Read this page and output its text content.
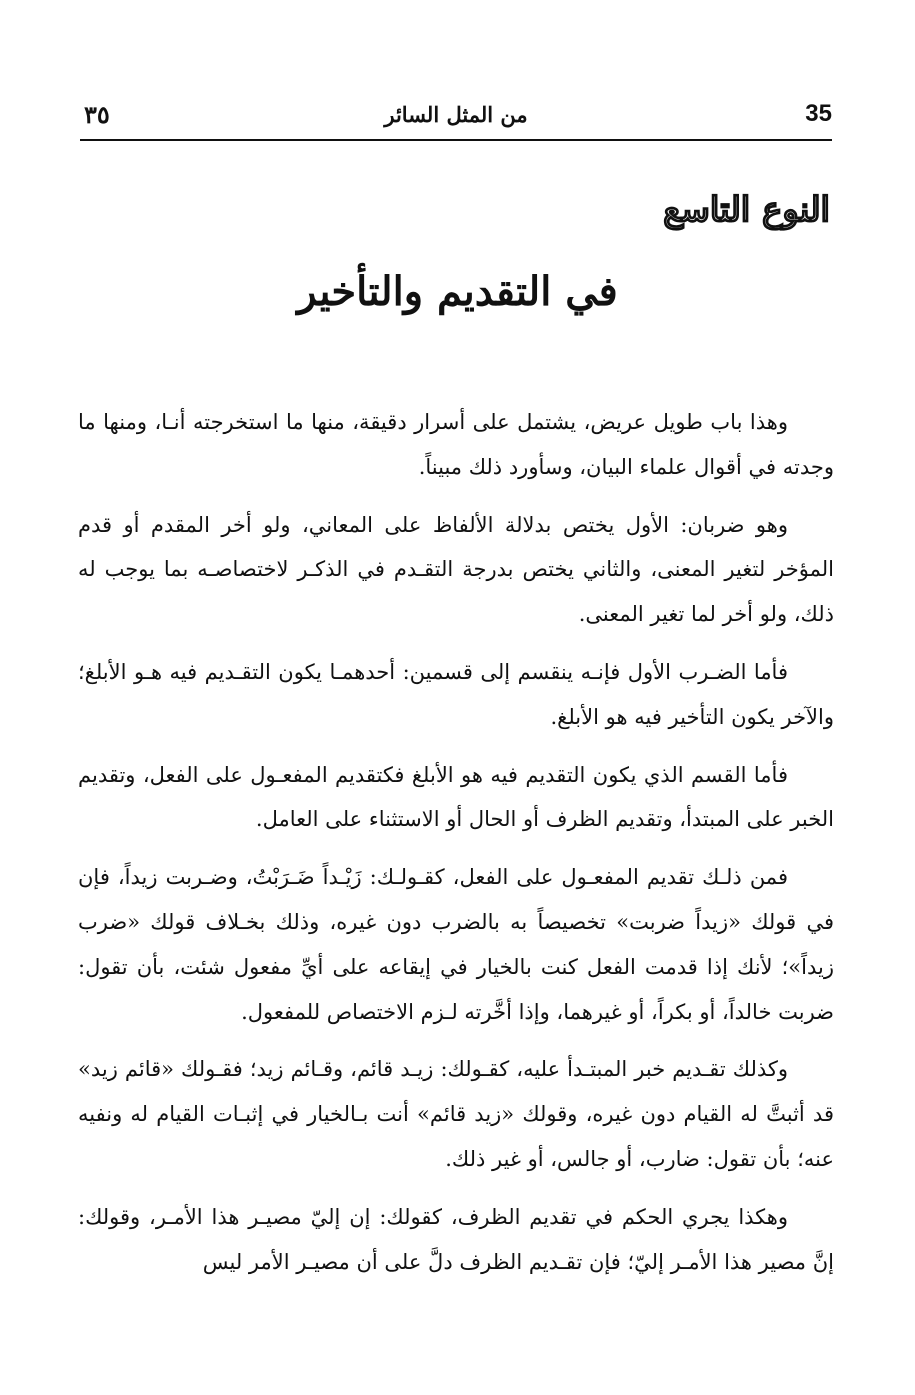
35
من المثل السائر
٣٥
النوع التاسع
في التقديم والتأخير

وهذا باب طويل عريض، يشتمل على أسرار دقيقة، منها ما استخرجته أنـا، ومنها ما وجدته في أقوال علماء البيان، وسأورد ذلك مبيناً.

وهو ضربان: الأول يختص بدلالة الألفاظ على المعاني، ولو أخر المقدم أو قدم المؤخر لتغير المعنى، والثاني يختص بدرجة التقـدم في الذكـر لاختصاصـه بما يوجب له ذلك، ولو أخر لما تغير المعنى.

فأما الضـرب الأول فإنـه ينقسم إلى قسمين: أحدهمـا يكون التقـديم فيه هـو الأبلغ؛ والآخر يكون التأخير فيه هو الأبلغ.

فأما القسم الذي يكون التقديم فيه هو الأبلغ فكتقديم المفعـول على الفعل، وتقديم الخبر على المبتدأ، وتقديم الظرف أو الحال أو الاستثناء على العامل.

فمن ذلـك تقديم المفعـول على الفعل، كقـولـك: زَيْـداً ضَـرَبْتُ، وضـربت زيداً، فإن في قولك «زيداً ضربت» تخصيصاً به بالضرب دون غيره، وذلك بخـلاف قولك «ضرب زيداً»؛ لأنك إذا قدمت الفعل كنت بالخيار في إيقاعه على أيِّ مفعول شئت، بأن تقول: ضربت خالداً، أو بكراً، أو غيرهما، وإذا أخَّرته لـزم الاختصاص للمفعول.

وكذلك تقـديم خبر المبتـدأ عليه، كقـولك: زيـد قائم، وقـائم زيد؛ فقـولك «قائم زيد» قد أثبتَّ له القيام دون غيره، وقولك «زيد قائم» أنت بـالخيار في إثبـات القيام له ونفيه عنه؛ بأن تقول: ضارب، أو جالس، أو غير ذلك.

وهكذا يجري الحكم في تقديم الظرف، كقولك: إن إليّ مصيـر هذا الأمـر، وقولك: إنَّ مصير هذا الأمـر إليّ؛ فإن تقـديم الظرف دلَّ على أن مصيـر الأمر ليس
